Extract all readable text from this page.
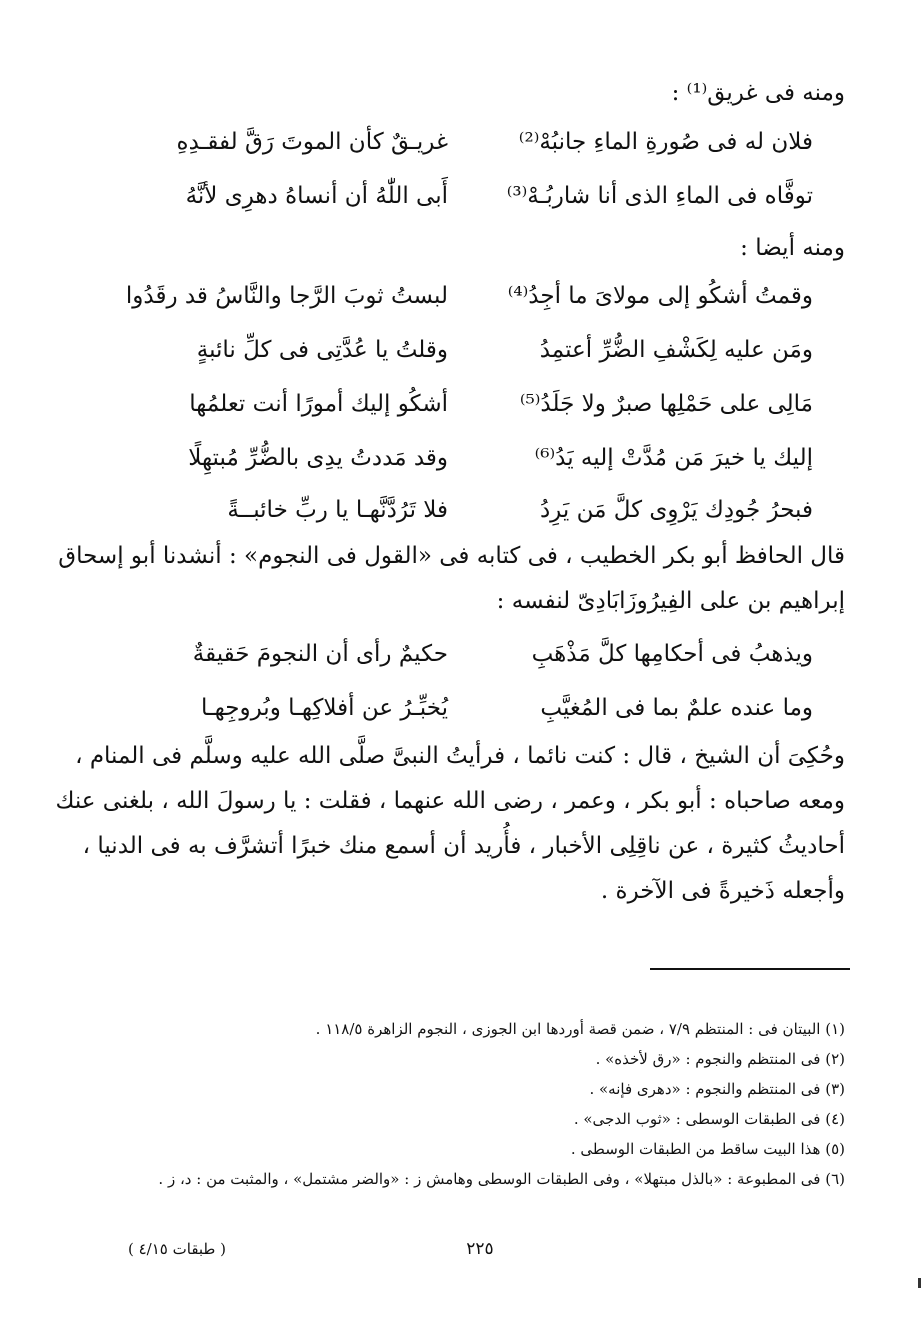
ومنه فى غريق⁽¹⁾ :
غريـقٌ كأن الموتَ رَقَّ لفقـدِهِ	فلان له فى صُورةِ الماءِ جانبُهْ⁽²⁾
أَبى اللّٰهُ أن أنساهُ دهرِى لأنَّهُ	توفَّاه فى الماءِ الذى أنا شاربُـهْ⁽³⁾
ومنه أيضا :
لبستُ ثوبَ الرَّجا والنَّاسُ قد رقَدُوا	وقمتُ أشكُو إلى مولاىَ ما أجِدُ⁽⁴⁾
وقلتُ يا عُدَّتِى فى كلِّ نائبةٍ	ومَن عليه لِكَشْفِ الضُّرِّ أعتمِدُ
أشكُو إليك أمورًا أنت تعلمُها	مَالِى على حَمْلِها صبرٌ ولا جَلَدُ⁽⁵⁾
وقد مَددتُ يدِى بالضُّرِّ مُبتهِلًا	إليك يا خيرَ مَن مُدَّتْ إليه يَدُ⁽⁶⁾
فلا تَرُدَّنَّهـا يا ربِّ خائبــةً	فبحرُ جُودِك يَرْوِى كلَّ مَن يَرِدُ
قال الحافظ أبو بكر الخطيب ، فى كتابه فى «القول فى النجوم» : أنشدنا أبو إسحاق
إبراهيم بن على الفِيرُوزَابَادِىّ لنفسه :
حكيمٌ رأى أن النجومَ حَقيقةٌ	ويذهبُ فى أحكامِها كلَّ مَذْهَبِ
يُخبِّـرُ عن أفلاكِهـا وبُروجِهـا	وما عنده علمٌ بما فى المُغيَّبِ
وحُكِىَ أن الشيخ ، قال : كنت نائما ، فرأيتُ النبىَّ صلَّى الله عليه وسلَّم فى المنام ،
ومعه صاحباه : أبو بكر ، وعمر ، رضى الله عنهما ، فقلت : يا رسولَ الله ، بلغنى عنك
أحاديثُ كثيرة ، عن ناقِلِى الأخبار ، فأُريد أن أسمع منك خبرًا أتشرَّف به فى الدنيا ،
وأجعله ذَخيرةً فى الآخرة .
(١) البيتان فى : المنتظم ٧/٩ ، ضمن قصة أوردها ابن الجوزى ، النجوم الزاهرة ١١٨/٥ .
(٢) فى المنتظم والنجوم : «رق لأخذه» .
(٣) فى المنتظم والنجوم : «دهرى فإنه» .
(٤) فى الطبقات الوسطى : «ثوب الدجى» .
(٥) هذا البيت ساقط من الطبقات الوسطى .
(٦) فى المطبوعة : «بالذل مبتهلا» ، وفى الطبقات الوسطى وهامش ز : «والضر مشتمل» ، والمثبت من : د، ز .
٢٢٥
( طبقات ٤/١٥ )
